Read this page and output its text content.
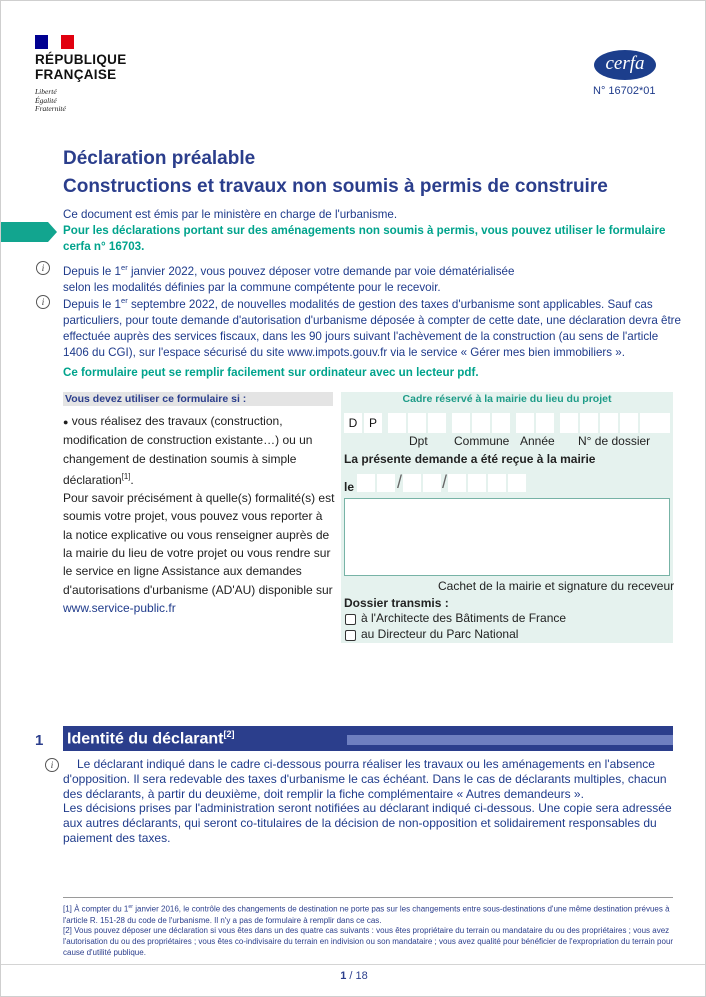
RÉPUBLIQUE
FRANÇAISE
Liberté
Égalité
Fraternité
cerfa
N° 16702*01
Déclaration préalable
Constructions et travaux non soumis à permis de construire
Ce document est émis par le ministère en charge de l'urbanisme.
Pour les déclarations portant sur des aménagements non soumis à permis, vous pouvez utiliser le formulaire cerfa n° 16703.
i	Depuis le 1er janvier 2022, vous pouvez déposer votre demande par voie dématérialisée
selon les modalités définies par la commune compétente pour le recevoir.
i	Depuis le 1er septembre 2022, de nouvelles modalités de gestion des taxes d'urbanisme sont applicables. Sauf cas particuliers, pour toute demande d'autorisation d'urbanisme déposée à compter de cette date, une déclaration devra être effectuée auprès des services fiscaux, dans les 90 jours suivant l'achèvement de la construction (au sens de l'article 1406 du CGI), sur l'espace sécurisé du site www.impots.gouv.fr via le service « Gérer mes bien immobiliers ».
Ce formulaire peut se remplir facilement sur ordinateur avec un lecteur pdf.
Vous devez utiliser ce formulaire si :
● vous réalisez des travaux (construction, modification de construction existante…) ou un changement de destination soumis à simple déclaration[1].
Pour savoir précisément à quelle(s) formalité(s) est soumis votre projet, vous pouvez vous reporter à la notice explicative ou vous renseigner auprès de la mairie du lieu de votre projet ou vous rendre sur le service en ligne Assistance aux demandes d'autorisations d'urbanisme (AD'AU) disponible sur
www.service-public.fr
Cadre réservé à la mairie du lieu du projet
D P
Dpt Commune Année N° de dossier
La présente demande a été reçue à la mairie
le / /
Cachet de la mairie et signature du receveur
Dossier transmis :
à l'Architecte des Bâtiments de France
au Directeur du Parc National
1 Identité du déclarant[2]
i	Le déclarant indiqué dans le cadre ci-dessous pourra réaliser les travaux ou les aménagements en l'absence d'opposition. Il sera redevable des taxes d'urbanisme le cas échéant. Dans le cas de déclarants multiples, chacun des déclarants, à partir du deuxième, doit remplir la fiche complémentaire « Autres demandeurs ».
Les décisions prises par l'administration seront notifiées au déclarant indiqué ci-dessous. Une copie sera adressée aux autres déclarants, qui seront co-titulaires de la décision de non-opposition et solidairement responsables du paiement des taxes.
[1] À compter du 1er janvier 2016, le contrôle des changements de destination ne porte pas sur les changements entre sous-destinations d'une même destination prévues à l'article R. 151-28 du code de l'urbanisme. Il n'y a pas de formulaire à remplir dans ce cas.
[2] Vous pouvez déposer une déclaration si vous êtes dans un des quatre cas suivants : vous êtes propriétaire du terrain ou mandataire du ou des propriétaires ; vous avez l'autorisation du ou des propriétaires ; vous êtes co-indivisaire du terrain en indivision ou son mandataire ; vous avez qualité pour bénéficier de l'expropriation du terrain pour cause d'utilité publique.
1 / 18
